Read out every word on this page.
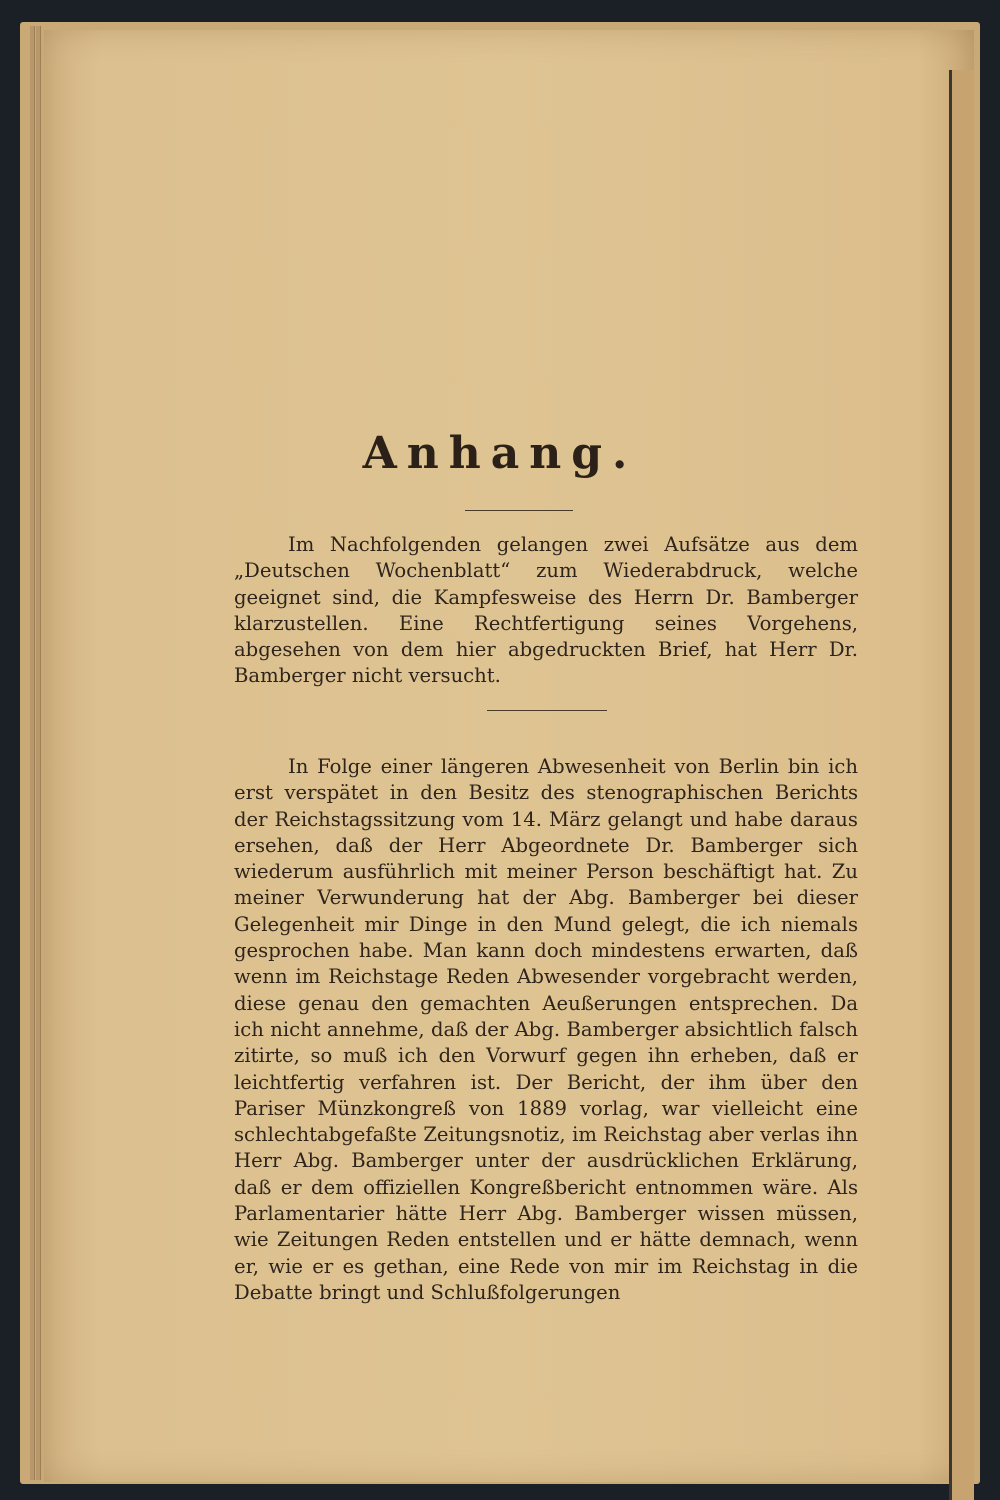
Anhang.

Im Nachfolgenden gelangen zwei Aufsätze aus dem „Deutschen Wochenblatt“ zum Wiederabdruck, welche geeignet sind, die Kampfesweise des Herrn Dr. Bamberger klarzustellen. Eine Rechtfertigung seines Vorgehens, abgesehen von dem hier abgedruckten Brief, hat Herr Dr. Bamberger nicht versucht.

In Folge einer längeren Abwesenheit von Berlin bin ich erst verspätet in den Besitz des stenographischen Berichts der Reichstagssitzung vom 14. März gelangt und habe daraus ersehen, daß der Herr Abgeordnete Dr. Bamberger sich wiederum ausführlich mit meiner Person beschäftigt hat. Zu meiner Verwunderung hat der Abg. Bamberger bei dieser Gelegenheit mir Dinge in den Mund gelegt, die ich niemals gesprochen habe. Man kann doch mindestens erwarten, daß wenn im Reichstage Reden Abwesender vorgebracht werden, diese genau den gemachten Aeußerungen entsprechen. Da ich nicht annehme, daß der Abg. Bamberger absichtlich falsch zitirte, so muß ich den Vorwurf gegen ihn erheben, daß er leichtfertig verfahren ist. Der Bericht, der ihm über den Pariser Münzkongreß von 1889 vorlag, war vielleicht eine schlechtabgefaßte Zeitungsnotiz, im Reichstag aber verlas ihn Herr Abg. Bamberger unter der ausdrücklichen Erklärung, daß er dem offiziellen Kongreßbericht entnommen wäre. Als Parlamentarier hätte Herr Abg. Bamberger wissen müssen, wie Zeitungen Reden entstellen und er hätte demnach, wenn er, wie er es gethan, eine Rede von mir im Reichstag in die Debatte bringt und Schlußfolgerungen
